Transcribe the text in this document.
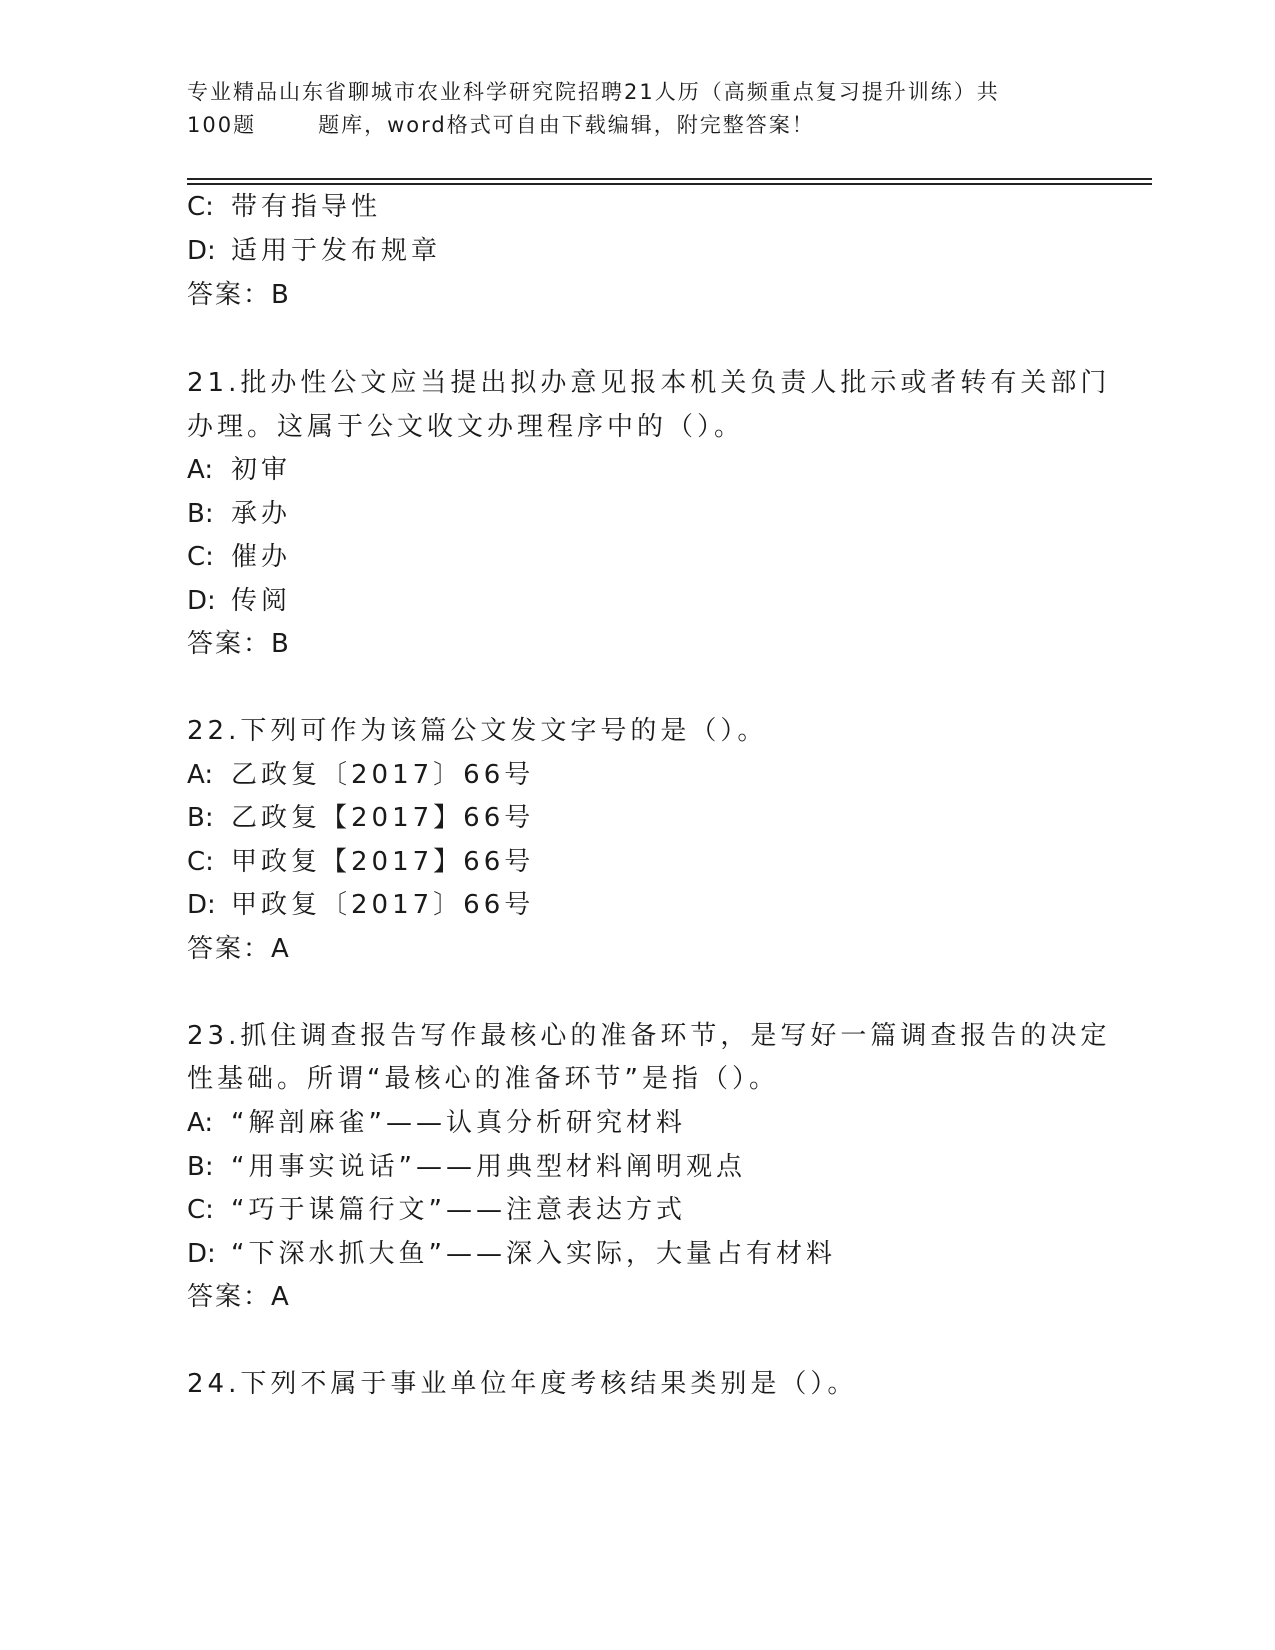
专业精品山东省聊城市农业科学研究院招聘21人历（高频重点复习提升训练）共
100题	题库，word格式可自由下载编辑，附完整答案！
C: 带有指导性
D: 适用于发布规章
答案：B
21.批办性公文应当提出拟办意见报本机关负责人批示或者转有关部门
办理。这属于公文收文办理程序中的（）。
A: 初审
B: 承办
C: 催办
D: 传阅
答案：B
22.下列可作为该篇公文发文字号的是（）。
A: 乙政复〔2017〕66号
B: 乙政复【2017】66号
C: 甲政复【2017】66号
D: 甲政复〔2017〕66号
答案：A
23.抓住调查报告写作最核心的准备环节，是写好一篇调查报告的决定
性基础。所谓“最核心的准备环节”是指（）。
A: “解剖麻雀”——认真分析研究材料
B: “用事实说话”——用典型材料阐明观点
C: “巧于谋篇行文”——注意表达方式
D: “下深水抓大鱼”——深入实际，大量占有材料
答案：A
24.下列不属于事业单位年度考核结果类别是（）。
